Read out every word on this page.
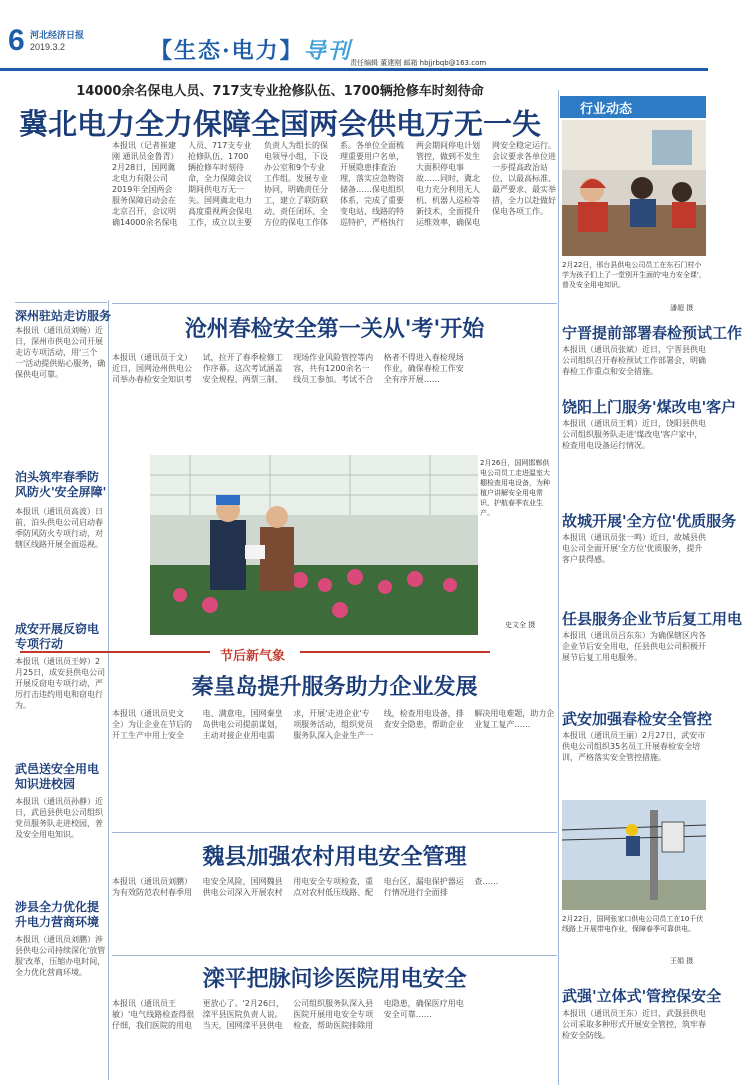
6 河北经济日报
2019.3.2	【生态·电力】导刊
责任编辑 董建刚 邮箱 hbjjrbqb@163.com
14000余名保电人员、717支专业抢修队伍、1700辆抢修车时刻待命
冀北电力全力保障全国两会供电万无一失
本报讯（记者崔建刚 通讯员金鲁青）2月28日，国网冀北电力有限公司2019年全国两会服务保障启动会在北京召开，会议明确14000余名保电人员、717支专业抢修队伍、1700辆抢修车时刻待命，全力保障会议期间供电万无一失。国网冀北电力高度重视两会保电工作，成立以主要负责人为组长的保电领导小组，下设办公室和9个专业工作组。发展专业协同，明确责任分工，建立了联防联动、责任闭环、全方位的保电工作体系。各单位全面梳理重要用户名单，开展隐患排查治理，落实应急物资储备……保电组织体系，完成了重要变电站、线路的特巡特护，严格执行两会期间停电计划管控，做到不发生大面积停电事故……同时，冀北电力充分利用无人机、机器人巡检等新技术，全面提升运维效率，确保电网安全稳定运行。会议要求各单位进一步提高政治站位，以最高标准、最严要求、最实举措，全力以赴做好保电各项工作。
深州驻站走访服务
本报讯（通讯员刘畅）近日，深州市供电公司开展走访专项活动，用'三个一'活动提供贴心服务，确保供电可靠。
泊头筑牢春季防风防火'安全屏障'
本报讯（通讯员高波）日前，泊头供电公司启动春季防风防火专项行动，对辖区线路开展全面巡视。
成安开展反窃电专项行动
本报讯（通讯员王婷）2月25日，成安县供电公司开展反窃电专项行动，严厉打击违约用电和窃电行为。
武邑送安全用电知识进校园
本报讯（通讯员孙静）近日，武邑县供电公司组织党员服务队走进校园，普及安全用电知识。
涉县全力优化提升电力营商环境
本报讯（通讯员刘鹏）涉县供电公司持续深化'放管服'改革，压缩办电时间，全力优化营商环境。
沧州春检安全第一关从'考'开始
本报讯（通讯员于文）近日，国网沧州供电公司举办春检安全知识考试，拉开了春季检修工作序幕。这次考试涵盖安全规程、两票三制、现场作业风险管控等内容，共有1200余名一线员工参加。考试不合格者不得进入春检现场作业，确保春检工作安全有序开展……
2月26日，国网邯郸供电公司员工走进温室大棚检查用电设备，为种植户讲解安全用电常识，护航春季农业生产。
史文全 摄
节后新气象
秦皇岛提升服务助力企业发展
本报讯（通讯员史文全）为让企业在节后的开工生产中用上安全电、满意电，国网秦皇岛供电公司提前谋划，主动对接企业用电需求，开展'走进企业'专项服务活动，组织党员服务队深入企业生产一线，检查用电设备，排查安全隐患，帮助企业解决用电难题，助力企业复工复产……
魏县加强农村用电安全管理
本报讯（通讯员刘鹏）为有效防范农村春季用电安全风险，国网魏县供电公司深入开展农村用电安全专项检查，重点对农村低压线路、配电台区、漏电保护器运行情况进行全面排查……
滦平把脉问诊医院用电安全
本报讯（通讯员王敏）'电气线路检查得很仔细，我们医院的用电更放心了。'2月26日，滦平县医院负责人说。当天，国网滦平县供电公司组织服务队深入县医院开展用电安全专项检查，帮助医院排除用电隐患，确保医疗用电安全可靠……
行业动态
2月22日，邢台县供电公司员工在东石门村小学为孩子们上了一堂别开生面的'电力安全课'，普及安全用电知识。
潘超 摄
宁晋提前部署春检预试工作
本报讯（通讯员张斌）近日，宁晋县供电公司组织召开春检预试工作部署会，明确春检工作重点和安全措施。
饶阳上门服务'煤改电'客户
本报讯（通讯员王莉）近日，饶阳县供电公司组织服务队走进'煤改电'客户家中，检查用电设备运行情况。
故城开展'全方位'优质服务
本报讯（通讯员张一鸣）近日，故城县供电公司全面开展'全方位'优质服务，提升客户获得感。
任县服务企业节后复工用电
本报讯（通讯员吕东东）为确保辖区内各企业节后安全用电，任县供电公司积极开展节后复工用电服务。
武安加强春检安全管控
本报讯（通讯员王丽）2月27日，武安市供电公司组织35名员工开展春检安全培训，严格落实安全管控措施。
2月22日，国网张家口供电公司员工在10千伏线路上开展带电作业，保障春季可靠供电。
王娟 摄
武强'立体式'管控保安全
本报讯（通讯员王东）近日，武强县供电公司采取多种形式开展安全管控，筑牢春检安全防线。
